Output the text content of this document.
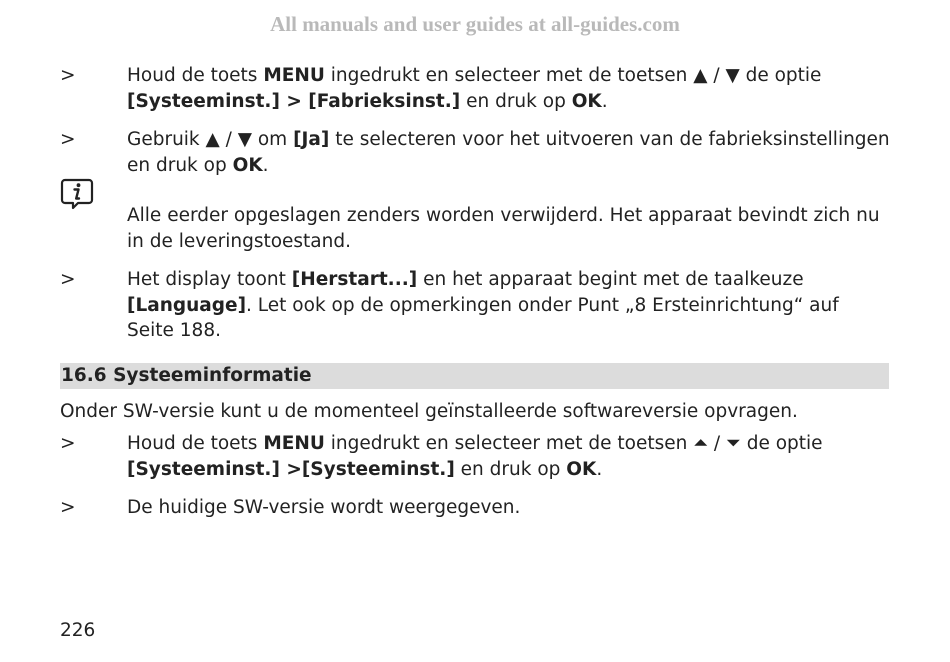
All manuals and user guides at all-guides.com
>	Houd de toets MENU ingedrukt en selecteer met de toetsen ▲ / ▼ de optie
[Systeeminst.] > [Fabrieksinst.] en druk op OK.
>	Gebruik ▲ / ▼ om [Ja] te selecteren voor het uitvoeren van de fabrieksinstellingen en druk op OK.
Alle eerder opgeslagen zenders worden verwijderd. Het apparaat bevindt zich nu in de leveringstoestand.
>	Het display toont [Herstart...] en het apparaat begint met de taalkeuze [Language]. Let ook op de opmerkingen onder Punt „8 Ersteinrichtung“ auf Seite 188.
16.6 Systeeminformatie
Onder SW-versie kunt u de momenteel geïnstalleerde softwareversie opvragen.
>	Houd de toets MENU ingedrukt en selecteer met de toetsen ⏶ / ⏷ de optie
[Systeeminst.] >[Systeeminst.] en druk op OK.
>	De huidige SW-versie wordt weergegeven.
226
